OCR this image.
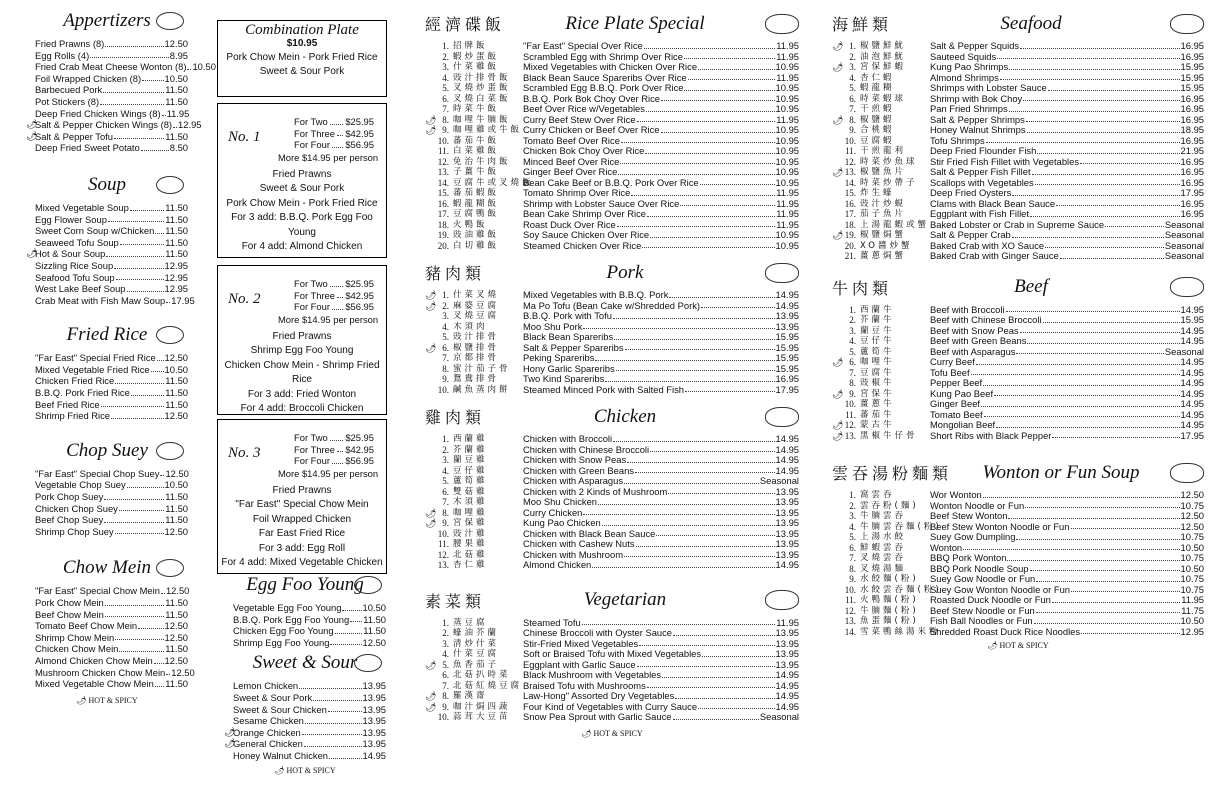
Appertizers
Fried Prawns (8)	12.50
Egg Rolls (4)	8.95
Fried Crab Meat Cheese Wonton (8) 10.50
Foil Wrapped Chicken (8) 10.50
Barbecued Pork	11.50
Pot Stickers (8)	11.50
Deep Fried Chicken Wings (8) 11.95
🌶
Salt & Pepper Chicken Wings (8) 12.95
🌶
Salt & Pepper Tofu	11.50
Deep Fried Sweet Potato	8.50
Soup
Mixed Vegetable Soup	11.50
Egg Flower Soup	11.50
Sweet Corn Soup w/Chicken 11.50
Seaweed Tofu Soup	11.50
🌶
Hot & Sour Soup	11.50
Sizzling Rice Soup	12.95
Seafood Tofu Soup	12.95
West Lake Beef Soup	12.95
Crab Meat with Fish Maw Soup 17.95
Fried Rice
"Far East" Special Fried Rice 12.50
Mixed Vegetable Fried Rice 10.50
Chicken Fried Rice	11.50
B.B.Q. Pork Fried Rice	11.50
Beef Fried Rice	11.50
Shrimp Fried Rice	12.50
Chop Suey
"Far East" Special Chop Suey 12.50
Vegetable Chop Suey	10.50
Pork Chop Suey	11.50
Chicken Chop Suey	11.50
Beef Chop Suey	11.50
Shrimp Chop Suey	12.50
Chow Mein
"Far East" Special Chow Mein 12.50
Pork Chow Mein	11.50
Beef Chow Mein	11.50
Tomato Beef Chow Mein	12.50
Shrimp Chow Mein	12.50
Chicken Chow Mein	11.50
Almond Chicken Chow Mein 12.50
Mushroom Chicken Chow Mein 12.50
Mixed Vegetable Chow Mein 11.50
🌶 HOT & SPICY
Combination Plate
$10.95
Pork Chow Mein - Pork Fried Rice
Sweet & Sour Pork
No. 1
For Two $25.95
For Three $42.95
For Four $56.95
More $14.95 per person
Fried Prawns
Sweet & Sour Pork
Pork Chow Mein - Pork Fried Rice
For 3 add: B.B.Q. Pork Egg Foo Young
For 4 add: Almond Chicken
No. 2
For Two $25.95
For Three $42.95
For Four $56.95
More $14.95 per person
Fried Prawns
Shrimp Egg Foo Young
Chicken Chow Mein - Shrimp Fried Rice
For 3 add: Fried Wonton
For 4 add: Broccoli Chicken
No. 3
For Two $25.95
For Three $42.95
For Four $56.95
More $14.95 per person
Fried Prawns
"Far East" Special Chow Mein
Foil Wrapped Chicken
Far East Fried Rice
For 3 add: Egg Roll
For 4 add: Mixed Vegetable Chicken
Egg Foo Young
Vegetable Egg Foo Young 10.50
B.B.Q. Pork Egg Foo Young 11.50
Chicken Egg Foo Young	11.50
Shrimp Egg Foo Young	12.50
Sweet & Sour
Lemon Chicken	13.95
Sweet & Sour Pork	13.95
Sweet & Sour Chicken	13.95
Sesame Chicken	13.95
🌶
Orange Chicken	13.95
🌶
General Chicken	13.95
Honey Walnut Chicken	14.95
🌶 HOT & SPICY
經濟碟飯	Rice Plate Special
1. 招牌飯	"Far East" Special Over Rice	11.95
2. 蝦炒蛋飯	Scrambled Egg with Shrimp Over Rice	11.95
3. 什菜雞飯	Mixed Vegetables with Chicken Over Rice	10.95
4. 豉汁排骨飯	Black Bean Sauce Spareribs Over Rice	11.95
5. 叉燒炒蛋飯	Scrambled Egg B.B.Q. Pork Over Rice	10.95
6. 叉燒白菜飯	B.B.Q. Pork Bok Choy Over Rice	10.95
7. 時菜牛飯	Beef Over Rice w/Vegetables	10.95
🌶 8. 咖哩牛腩飯	Curry Beef Stew Over Rice	11.95
🌶 9. 咖哩雞或牛飯 Curry Chicken or Beef Over Rice	10.95
10. 蕃茄牛飯	Tomato Beef Over Rice	10.95
11. 白菜雞飯	Chicken Bok Choy Over Rice	10.95
12. 免治牛肉飯	Minced Beef Over Rice	10.95
13. 子薑牛飯	Ginger Beef Over Rice	10.95
14. 豆腐牛或叉燒飯
Bean Cake Beef or B.B.Q. Pork Over Rice	10.95
15. 蕃茄蝦飯	Tomato Shrimp Over Rice	11.95
16. 蝦龍糊飯	Shrimp with Lobster Sauce Over Rice	11.95
17. 豆腐鴨飯	Bean Cake Shrimp Over Rice	11.95
18. 火鴨飯	Roast Duck Over Rice	11.95
19. 豉油雞飯	Soy Sauce Chicken Over Rice	10.95
20. 白切雞飯	Steamed Chicken Over Rice	10.95
豬肉類	Pork
🌶 1. 什菜叉燒	Mixed Vegetables with B.B.Q. Pork	14.95
🌶 2. 麻婆豆腐	Ma Po Tofu (Bean Cake w/Shredded Pork)	14.95
3. 叉燒豆腐	B.B.Q. Pork with Tofu	13.95
4. 木須肉	Moo Shu Pork	13.95
5. 豉汁排骨	Black Bean Spareribs	15.95
🌶 6. 椒鹽排骨	Salt & Pepper Spareribs	15.95
7. 京都排骨	Peking Spareribs	15.95
8. 蜜汁茄子骨	Hony Garlic Spareribs	15.95
9. 鴛鴦排骨	Two Kind Spareribs	16.95
10. 鹹魚蒸肉餅	Steamed Minced Pork with Salted Fish	17.95
雞肉類	Chicken
1. 西蘭雞	Chicken with Broccoli	14.95
2. 芥蘭雞	Chicken with Chinese Broccoli	14.95
3. 蘭豆雞	Chicken with Snow Peas	14.95
4. 豆仔雞	Chicken with Green Beans	14.95
5. 蘆筍雞	Chicken with Asparagus	Seasonal
6. 雙菇雞	Chicken with 2 Kinds of Mushroom	13.95
7. 木須雞	Moo Shu Chicken	13.95
🌶 8. 咖哩雞	Curry Chicken	13.95
🌶 9. 宮保雞	Kung Pao Chicken	13.95
10. 豉汁雞	Chicken with Black Bean Sauce	13.95
11. 腰果雞	Chicken with Cashew Nuts	13.95
12. 北菇雞	Chicken with Mushroom	13.95
13. 杏仁雞	Almond Chicken	14.95
素菜類	Vegetarian
1. 蒸豆腐	Steamed Tofu	11.95
2. 蠔油芥蘭	Chinese Broccoli with Oyster Sauce	13.95
3. 清炒什菜	Stir-Fried Mixed Vegetables	13.95
4. 什菜豆腐	Soft or Braised Tofu with Mixed Vegetables	13.95
🌶 5. 魚香茄子	Eggplant with Garlic Sauce	13.95
6. 北菇扒時菜	Black Mushroom with Vegetables	14.95
7. 北菇紅燒豆腐 Braised Tofu with Mushrooms	14.95
🌶 8. 羅漢齋	Law-Hong" Assorted Dry Vegetables	14.95
🌶 9. 咖汁焗四蔬	Four Kind of Vegetables with Curry Sauce	14.95
10. 蒜茸大豆苗	Snow Pea Sprout with Garlic Sauce	Seasonal
🌶 HOT & SPICY
海鮮類	Seafood
🌶 1. 椒鹽鮮魷	Salt & Pepper Squids	16.95
2. 油泡鮮魷	Sauteed Squids	16.95
🌶 3. 宮保鮮蝦	Kung Pao Shrimps	15.95
4. 杏仁蝦	Almond Shrimps	15.95
5. 蝦龍糊	Shrimps with Lobster Sauce	15.95
6. 時菜蝦球	Shrimp with Bok Choy	16.95
7. 干煎蝦	Pan Fried Shrimps	16.95
🌶 8. 椒鹽蝦	Salt & Pepper Shrimps	16.95
9. 合桃蝦	Honey Walnut Shrimps	18.95
10. 豆腐蝦	Tofu Shrimps	16.95
11. 干煎龍利	Deep Fried Flounder Fish	21.95
12. 時菜炒魚球	Stir Fried Fish Fillet with Vegetables	16.95
🌶 13. 椒鹽魚片	Salt & Pepper Fish Fillet	16.95
14. 時菜炒帶子	Scallops with Vegetables	16.95
15. 炸生蠔	Deep Fried Oysters	17.95
16. 豉汁炒蜆	Clams with Black Bean Sauce	16.95
17. 茄子魚片	Eggplant with Fish Fillet	16.95
18. 上湯龍蝦或蟹 Baked Lobster or Crab in Supreme Sauce	Seasonal
🌶 19. 椒鹽焗蟹	Salt & Pepper Crab	Seasonal
20. XO醬炒蟹	Baked Crab with XO Sauce	Seasonal
21. 薑蔥焗蟹	Baked Crab with Ginger Sauce	Seasonal
牛肉類	Beef
1. 西蘭牛	Beef with Broccoli	14.95
2. 芥蘭牛	Beef with Chinese Broccoli	15.95
3. 蘭豆牛	Beef with Snow Peas	14.95
4. 豆仔牛	Beef with Green Beans	14.95
5. 蘆筍牛	Beef with Asparagus	Seasonal
🌶 6. 咖哩牛	Curry Beef	14.95
7. 豆腐牛	Tofu Beef	14.95
8. 豉椒牛	Pepper Beef	14.95
🌶 9. 宮保牛	Kung Pao Beef	14.95
10. 薑蔥牛	Ginger Beef	14.95
11. 蕃茄牛	Tomato Beef	14.95
🌶 12. 蒙古牛	Mongolian Beef	14.95
🌶 13. 黑椒牛仔骨	Short Ribs with Black Pepper	17.95
雲吞湯粉麵類 Wonton or Fun Soup
1. 窩雲吞	Wor Wonton	12.50
2. 雲吞粉(麵)	Wonton Noodle or Fun	10.75
3. 牛腩雲吞	Beef Stew Wonton	12.50
4. 牛腩雲吞麵(粉)
Beef Stew Wonton Noodle or Fun	12.50
5. 上湯水餃	Suey Gow Dumpling	10.75
6. 鮮蝦雲吞	Wonton	10.50
7. 叉燒雲吞	BBQ Pork Wonton	10.75
8. 叉燒湯麵	BBQ Pork Noodle Soup	10.50
9. 水餃麵(粉)	Suey Gow Noodle or Fun	10.75
10. 水餃雲吞麵(粉)
Suey Gow Wonton Noodle or Fun	10.75
11. 火鴨麵(粉)	Roasted Duck Noodle or Fun	11.95
12. 牛腩麵(粉)	Beef Stew Noodle or Fun	11.75
13. 魚蛋麵(粉)	Fish Ball Noodles or Fun	10.50
14. 雪菜鴨絲湯米粉
Shredded Roast Duck Rice Noodles	12.95
🌶 HOT & SPICY
